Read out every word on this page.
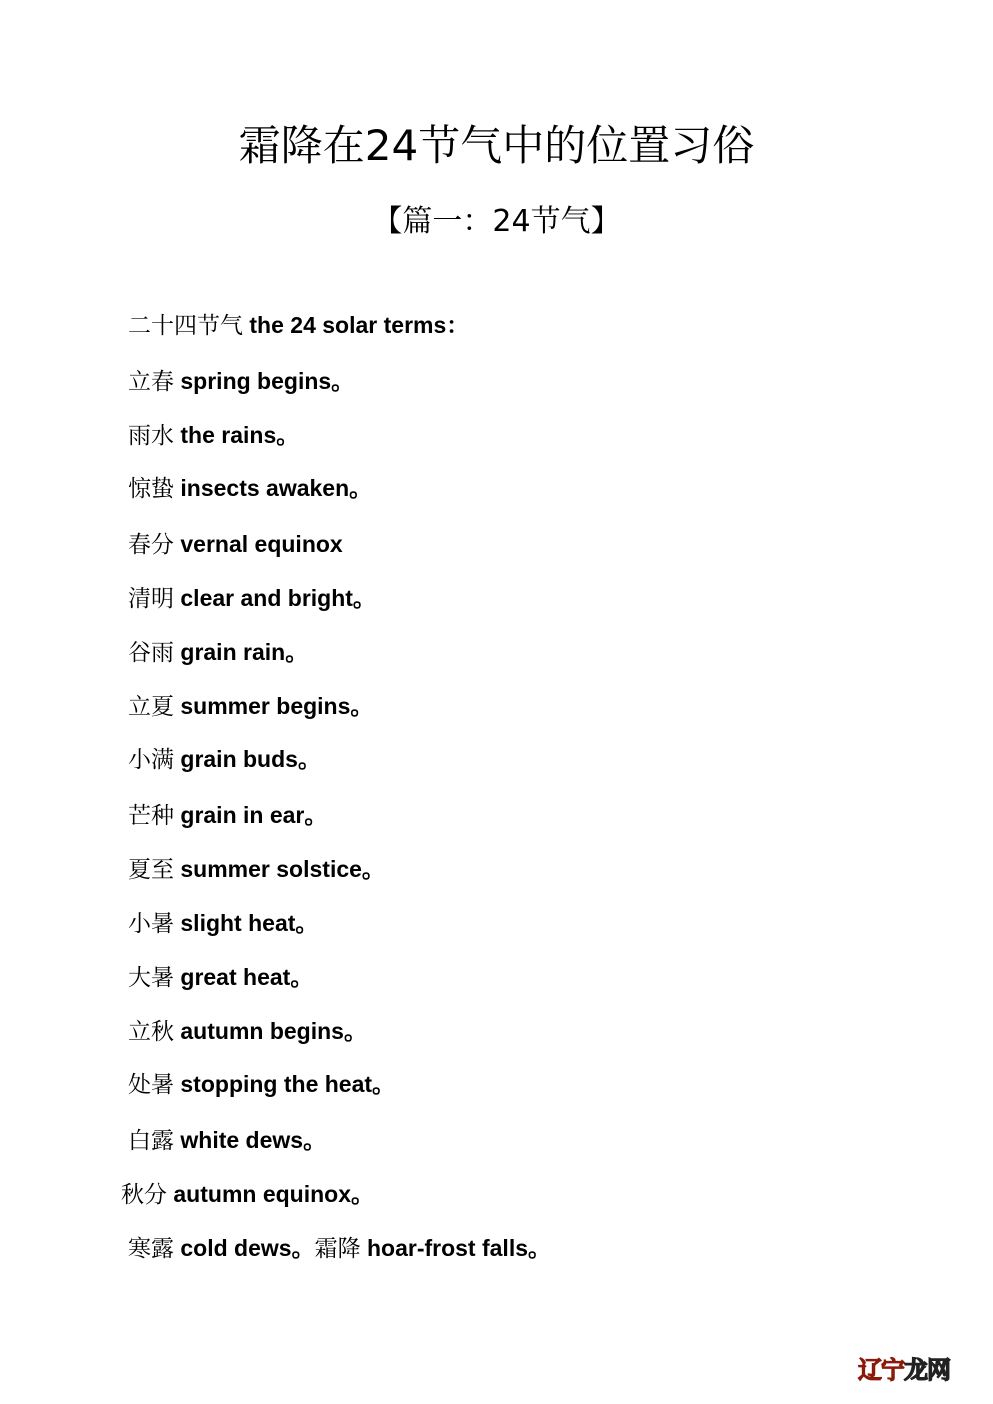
霜降在24节气中的位置习俗
【篇一：24节气】
二十四节气 the 24 solar terms：
立春 spring begins。
雨水 the rains。
惊蛰 insects awaken。
春分 vernal equinox
清明 clear and bright。
谷雨 grain rain。
立夏 summer begins。
小满 grain buds。
芒种 grain in ear。
夏至 summer solstice。
小暑 slight heat。
大暑 great heat。
立秋 autumn begins。
处暑 stopping the heat。
白露 white dews。
秋分 autumn equinox。
寒露 cold dews。霜降 hoar-frost falls。
辽宁龙网
